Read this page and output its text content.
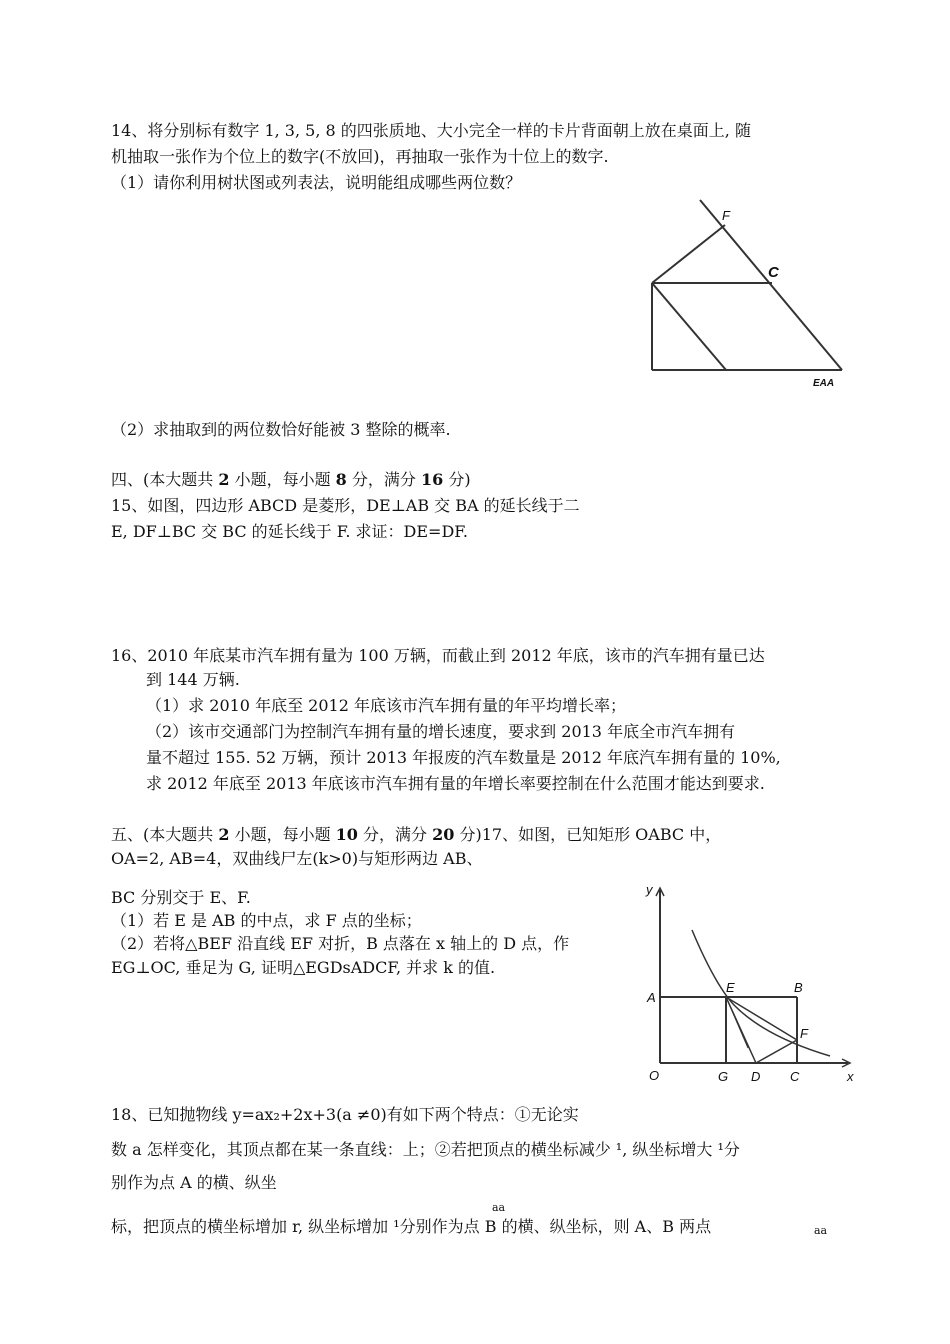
14、将分别标有数字 1, 3, 5, 8 的四张质地、大小完全一样的卡片背面朝上放在桌面上, 随
机抽取一张作为个位上的数字(不放回)，再抽取一张作为十位上的数字.
（1）请你利用树状图或列表法，说明能组成哪些两位数？
F
C
EAA
（2）求抽取到的两位数恰好能被 3 整除的概率.
四、(本大题共 2 小题，每小题 8 分，满分 16 分)
15、如图，四边形 ABCD 是菱形，DE⊥AB 交 BA 的延长线于二
E, DF⊥BC 交 BC 的延长线于 F. 求证：DE=DF.
16、2010 年底某市汽车拥有量为 100 万辆，而截止到 2012 年底，该市的汽车拥有量已达
到 144 万辆.
（1）求 2010 年底至 2012 年底该市汽车拥有量的年平均增长率；
（2）该市交通部门为控制汽车拥有量的增长速度，要求到 2013 年底全市汽车拥有
量不超过 155. 52 万辆，预计 2013 年报废的汽车数量是 2012 年底汽车拥有量的 10%,
求 2012 年底至 2013 年底该市汽车拥有量的年增长率要控制在什么范围才能达到要求.
五、(本大题共 2 小题，每小题 10 分，满分 20 分)17、如图，已知矩形 OABC 中，
OA=2, AB=4，双曲线尸左(k>0)与矩形两边 AB、
BC 分别交于 E、F.
（1）若 E 是 AB 的中点，求 F 点的坐标；
（2）若将△BEF 沿直线 EF 对折，B 点落在 x 轴上的 D 点，作
EG⊥OC, 垂足为 G, 证明△EGDsADCF, 并求 k 的值.
y
x
A
E	B
F
O	G D C
18、已知抛物线 y=ax₂+2x+3(a ≠0)有如下两个特点：①无论实
数 a 怎样变化，其顶点都在某一条直线：上；②若把顶点的横坐标减少 ¹, 纵坐标增大 ¹分
别作为点 A 的横、纵坐
aa
标，把顶点的横坐标增加 r, 纵坐标增加 ¹分别作为点 B 的横、纵坐标，则 A、B 两点	aa
